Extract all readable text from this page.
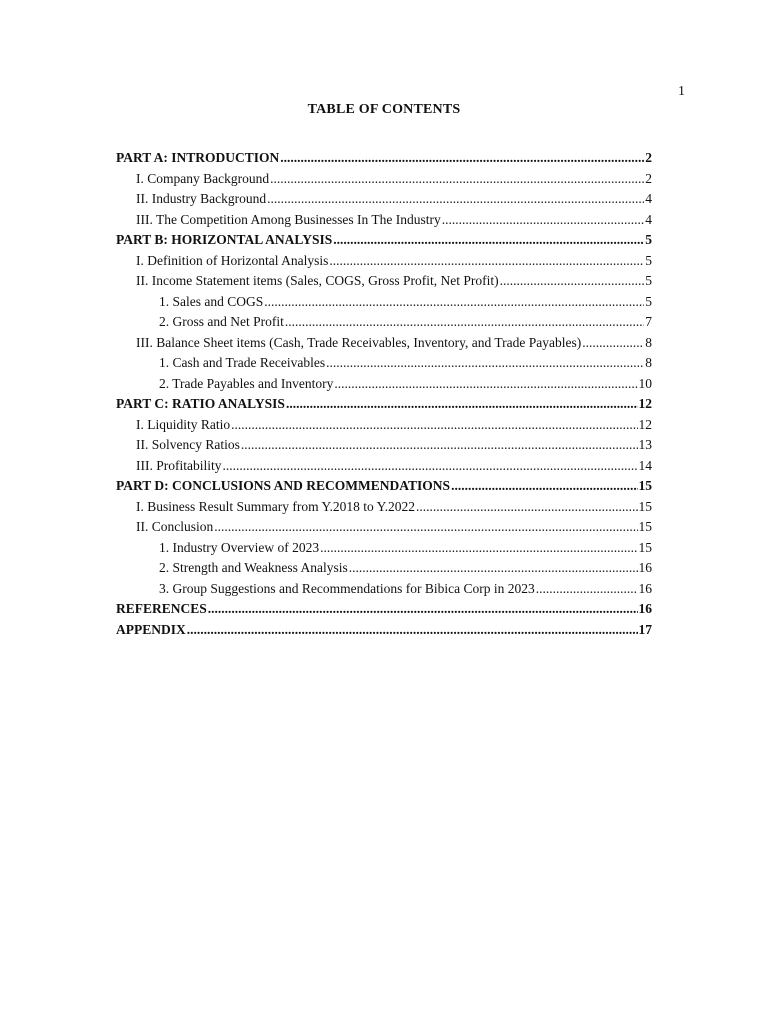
1
TABLE OF CONTENTS
PART A: INTRODUCTION .....	2
I. Company Background .....	2
II. Industry Background .....	4
III. The Competition Among Businesses In The Industry .....	4
PART B: HORIZONTAL ANALYSIS .....	5
I. Definition of Horizontal Analysis .....	5
II. Income Statement items (Sales, COGS, Gross Profit, Net Profit) .....	5
1. Sales and COGS .....	5
2. Gross and Net Profit .....	7
III. Balance Sheet items (Cash, Trade Receivables, Inventory, and Trade Payables) .....	8
1. Cash and Trade Receivables .....	8
2. Trade Payables and Inventory .....	10
PART C: RATIO ANALYSIS .....	12
I. Liquidity Ratio .....	12
II. Solvency Ratios .....	13
III. Profitability .....	14
PART D: CONCLUSIONS AND RECOMMENDATIONS .....	15
I. Business Result Summary from Y.2018 to Y.2022 .....	15
II. Conclusion .....	15
1. Industry Overview of 2023 .....	15
2. Strength and Weakness Analysis .....	16
3. Group Suggestions and Recommendations for Bibica Corp in 2023 .....	16
REFERENCES .....	16
APPENDIX .....	17
